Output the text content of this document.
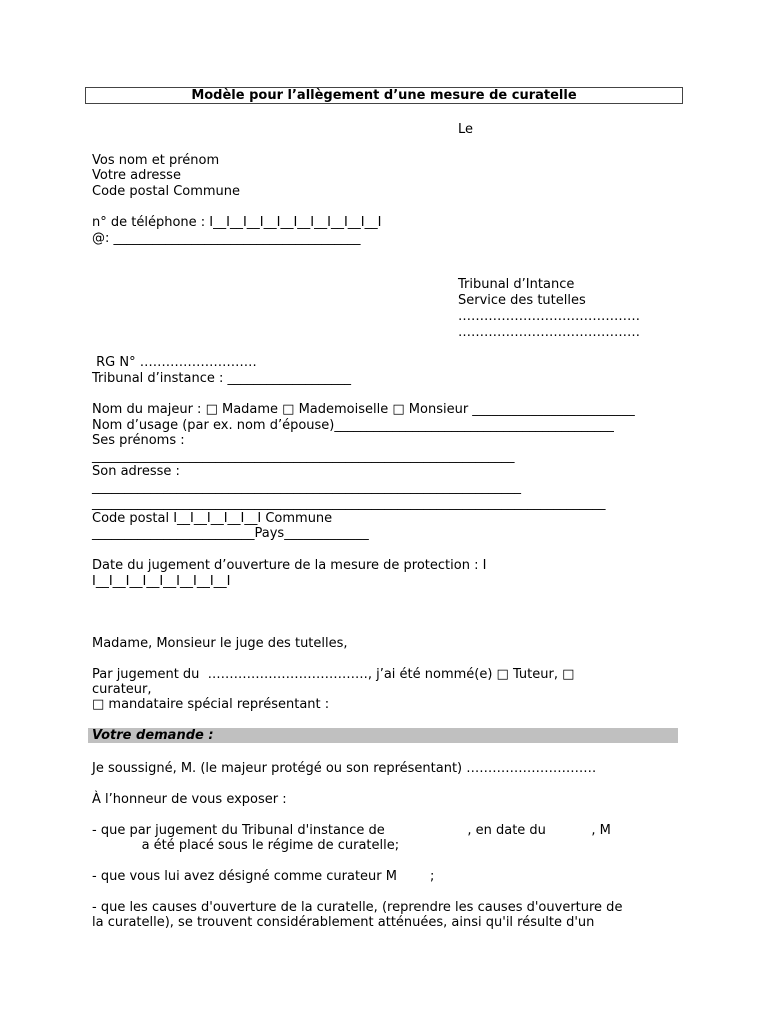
Modèle pour l’allègement d’une mesure de curatelle
Le
Vos nom et prénom
Votre adresse
Code postal Commune
n° de téléphone : I__I__I__I__I__I__I__I__I__I__I
@: ______________________________________
Tribunal d’Intance
Service des tutelles
……………………………………
……………………………………
RG N° ………………………
Tribunal d’instance : ___________________
Nom du majeur : □ Madame □ Mademoiselle □ Monsieur _________________________
Nom d’usage (par ex. nom d’épouse)___________________________________________
Ses prénoms :
_________________________________________________________________
Son adresse :
__________________________________________________________________
_______________________________________________________________________________
Code postal I__I__I__I__I__I Commune
_________________________Pays_____________
Date du jugement d’ouverture de la mesure de protection : I
I__I__I__I__I__I__I__I__I
Madame, Monsieur le juge des tutelles,
Par jugement du  ………………………………., j’ai été nommé(e) □ Tuteur, □
curateur,
□ mandataire spécial représentant :
Votre demande :
Je soussigné, M. (le majeur protégé ou son représentant) …………………………
À l’honneur de vous exposer :
- que par jugement du Tribunal d'instance de                    , en date du           , M
a été placé sous le régime de curatelle;
- que vous lui avez désigné comme curateur M        ;
- que les causes d'ouverture de la curatelle, (reprendre les causes d'ouverture de
la curatelle), se trouvent considérablement atténuées, ainsi qu'il résulte d'un
